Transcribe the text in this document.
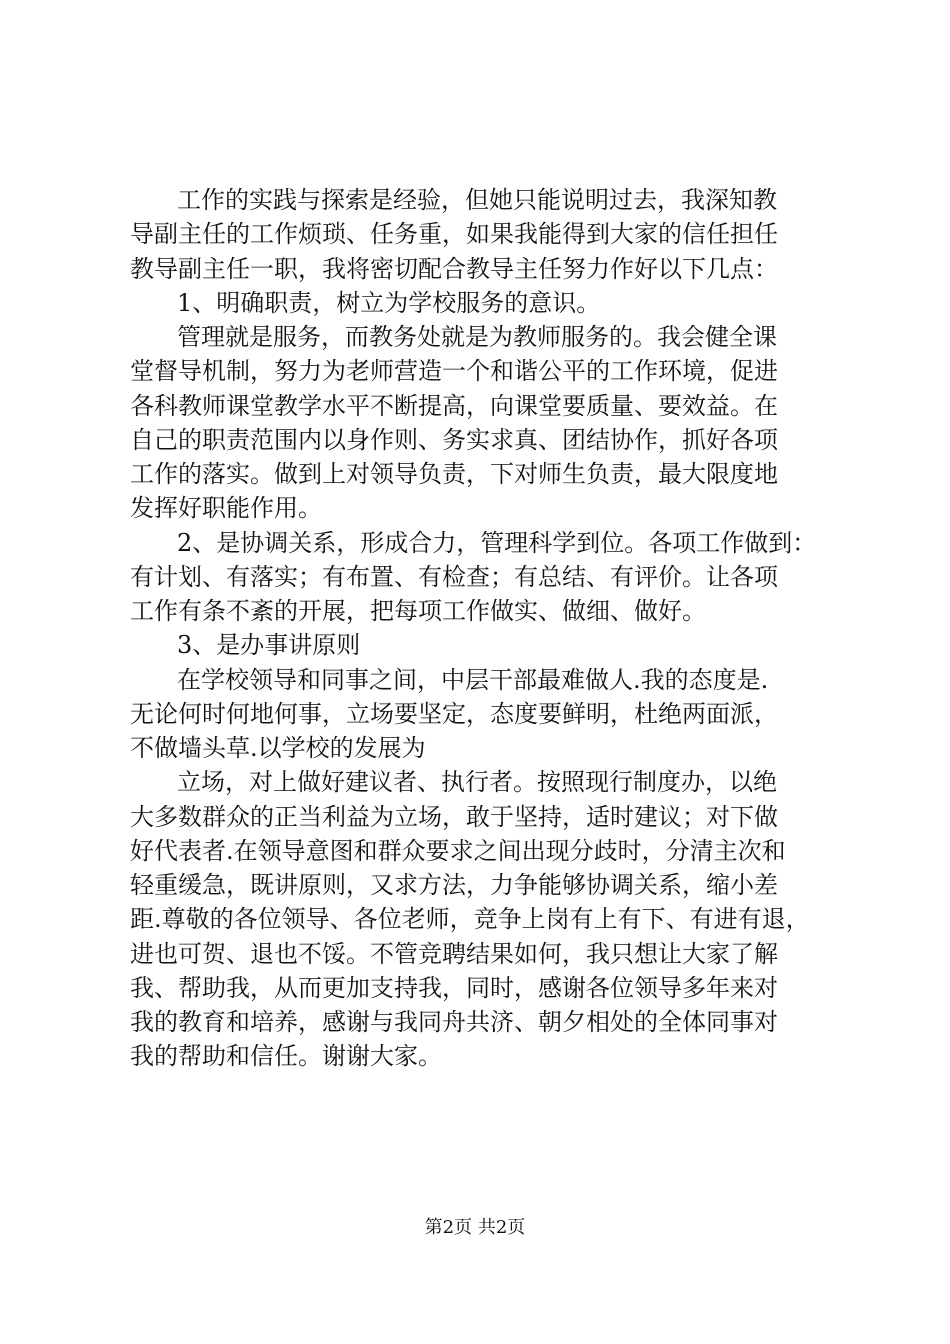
工作的实践与探索是经验，但她只能说明过去，我深知教
导副主任的工作烦琐、任务重，如果我能得到大家的信任担任
教导副主任一职，我将密切配合教导主任努力作好以下几点：
1、明确职责，树立为学校服务的意识。
管理就是服务，而教务处就是为教师服务的。我会健全课
堂督导机制，努力为老师营造一个和谐公平的工作环境，促进
各科教师课堂教学水平不断提高，向课堂要质量、要效益。在
自己的职责范围内以身作则、务实求真、团结协作，抓好各项
工作的落实。做到上对领导负责，下对师生负责，最大限度地
发挥好职能作用。
2、是协调关系，形成合力，管理科学到位。各项工作做到：
有计划、有落实；有布置、有检查；有总结、有评价。让各项
工作有条不紊的开展，把每项工作做实、做细、做好。
3、是办事讲原则
在学校领导和同事之间，中层干部最难做人.我的态度是.
无论何时何地何事，立场要坚定，态度要鲜明，杜绝两面派，
不做墙头草.以学校的发展为
立场，对上做好建议者、执行者。按照现行制度办，以绝
大多数群众的正当利益为立场，敢于坚持，适时建议；对下做
好代表者.在领导意图和群众要求之间出现分歧时，分清主次和
轻重缓急，既讲原则，又求方法，力争能够协调关系，缩小差
距.尊敬的各位领导、各位老师，竞争上岗有上有下、有进有退，
进也可贺、退也不馁。不管竞聘结果如何，我只想让大家了解
我、帮助我，从而更加支持我，同时，感谢各位领导多年来对
我的教育和培养，感谢与我同舟共济、朝夕相处的全体同事对
我的帮助和信任。谢谢大家。
第2页 共2页
